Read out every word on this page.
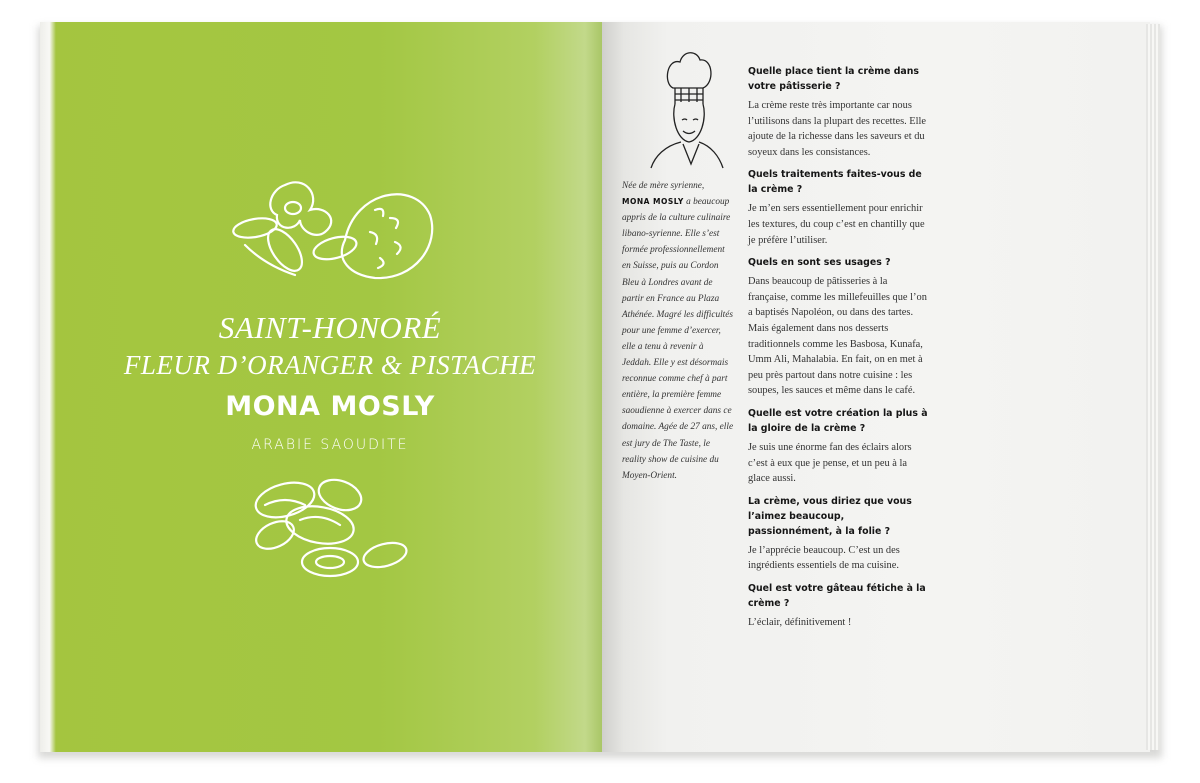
SAINT-HONORÉ
FLEUR D’ORANGER & PISTACHE
MONA MOSLY
ARABIE SAOUDITE
Née de mère syrienne, MONA MOSLY a beaucoup appris de la culture culinaire libano-syrienne. Elle s’est formée professionnellement en Suisse, puis au Cordon Bleu à Londres avant de partir en France au Plaza Athénée. Magré les difficultés pour une femme d’exercer, elle a tenu à revenir à Jeddah. Elle y est désormais reconnue comme chef à part entière, la première femme saoudienne à exercer dans ce domaine. Agée de 27 ans, elle est jury de The Taste, le reality show de cuisine du Moyen-Orient.
Quelle place tient la crème dans votre pâtisserie ?
La crème reste très importante car nous l’utilisons dans la plupart des recettes. Elle ajoute de la richesse dans les saveurs et du soyeux dans les consistances.
Quels traitements faites-vous de la crème ?
Je m’en sers essentiellement pour enrichir les textures, du coup c’est en chantilly que je préfère l’utiliser.
Quels en sont ses usages ?
Dans beaucoup de pâtisseries à la française, comme les millefeuilles que l’on a baptisés Napoléon, ou dans des tartes. Mais également dans nos desserts traditionnels comme les Basbosa, Kunafa, Umm Ali, Mahalabia. En fait, on en met à peu près partout dans notre cuisine : les soupes, les sauces et même dans le café.
Quelle est votre création la plus à la gloire de la crème ?
Je suis une énorme fan des éclairs alors c’est à eux que je pense, et un peu à la glace aussi.
La crème, vous diriez que vous l’aimez beaucoup, passionnément, à la folie ?
Je l’apprécie beaucoup. C’est un des ingrédients essentiels de ma cuisine.
Quel est votre gâteau fétiche à la crème ?
L’éclair, définitivement !
